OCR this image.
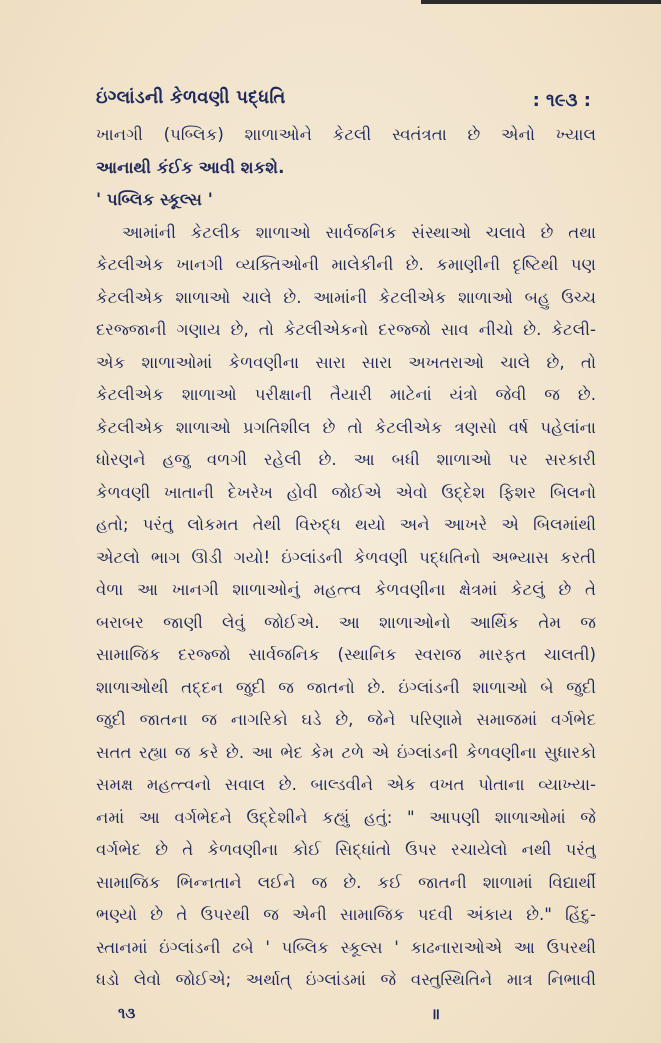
ઇંગ્લાંડની કેળવણી પદ્ધતિ	: ૧૯૩ :
ખાનગી (પબ્લિક) શાળાઓને કેટલી સ્વતંત્રતા છે એનો ખ્યાલ
આનાથી કંઈક આવી શકશે.
' પબ્લિક સ્કૂલ્સ '
આમાંની કેટલીક શાળાઓ સાર્વજનિક સંસ્થાઓ ચલાવે છે તથા
કેટલીએક ખાનગી વ્યક્તિઓની માલેકીની છે. કમાણીની દૃષ્ટિથી પણ
કેટલીએક શાળાઓ ચાલે છે. આમાંની કેટલીએક શાળાઓ બહુ ઉચ્ચ
દરજ્જાની ગણાય છે, તો કેટલીએકનો દરજ્જો સાવ નીચો છે. કેટલી-
એક શાળાઓમાં કેળવણીના સારા સારા અખતરાઓ ચાલે છે, તો
કેટલીએક શાળાઓ પરીક્ષાની તૈયારી માટેનાં યંત્રો જેવી જ છે.
કેટલીએક શાળાઓ પ્રગતિશીલ છે તો કેટલીએક ત્રણસો વર્ષ પહેલાંના
ધોરણને હજુ વળગી રહેલી છે. આ બધી શાળાઓ પર સરકારી
કેળવણી ખાતાની દેખરેખ હોવી જોઈએ એવો ઉદ્દેશ ફિશર બિલનો
હતો; પરંતુ લોકમત તેથી વિરુદ્ધ થયો અને આખરે એ બિલમાંથી
એટલો ભાગ ઊડી ગયો! ઇંગ્લાંડની કેળવણી પદ્ધતિનો અભ્યાસ કરતી
વેળા આ ખાનગી શાળાઓનું મહત્ત્વ કેળવણીના ક્ષેત્રમાં કેટલું છે તે
બરાબર જાણી લેવું જોઈએ. આ શાળાઓનો આર્થિક તેમ જ
સામાજિક દરજ્જો સાર્વજનિક (સ્થાનિક સ્વરાજ મારફત ચાલતી)
શાળાઓથી તદ્દન જુદી જ જાતનો છે. ઇંગ્લાંડની શાળાઓ બે જુદી
જુદી જાતના જ નાગરિકો ઘડે છે, જેને પરિણામે સમાજમાં વર્ગભેદ
સતત રહ્યા જ કરે છે. આ ભેદ કેમ ટળે એ ઇંગ્લાંડની કેળવણીના સુધારકો
સમક્ષ મહત્ત્વનો સવાલ છે. બાલ્ડવીને એક વખત પોતાના વ્યાખ્યા-
નમાં આ વર્ગભેદને ઉદ્દેશીને કહ્યું હતું: " આપણી શાળાઓમાં જે
વર્ગભેદ છે તે કેળવણીના કોઈ સિદ્ધાંતો ઉપર રચાયેલો નથી પરંતુ
સામાજિક ભિન્નતાને લઈને જ છે. કઈ જાતની શાળામાં વિદ્યાર્થી
ભણ્યો છે તે ઉપરથી જ એની સામાજિક પદવી અંકાય છે." હિંદુ-
સ્તાનમાં ઇંગ્લાંડની ઢબે ' પબ્લિક સ્કૂલ્સ ' કાઢનારાઓએ આ ઉપરથી
ધડો લેવો જોઈએ; અર્થાત્ ઇંગ્લાંડમાં જે વસ્તુસ્થિતિને માત્ર નિભાવી
૧૩	॥
